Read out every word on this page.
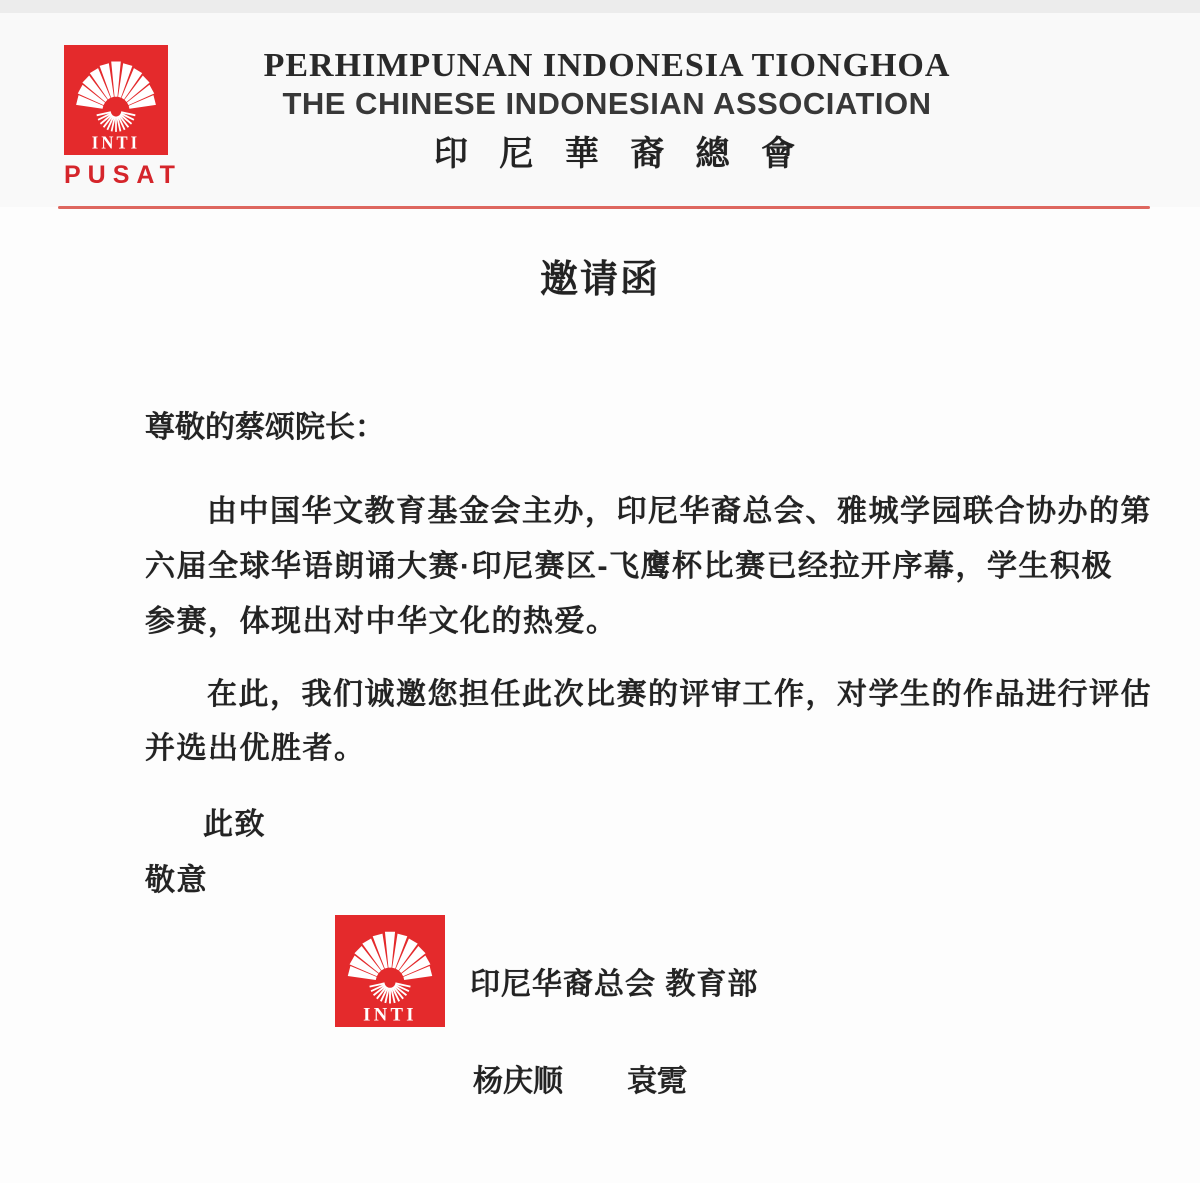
INTI
PUSAT
PERHIMPUNAN INDONESIA TIONGHOA
THE CHINESE INDONESIAN ASSOCIATION
印 尼 華 裔 總 會
邀请函
尊敬的蔡颂院长：
由中国华文教育基金会主办，印尼华裔总会、雅城学园联合协办的第
六届全球华语朗诵大赛·印尼赛区-飞鹰杯比赛已经拉开序幕，学生积极
参赛，体现出对中华文化的热爱。
在此，我们诚邀您担任此次比赛的评审工作，对学生的作品进行评估
并选出优胜者。
此致
敬意
INTI
印尼华裔总会 教育部
杨庆顺 袁霓
